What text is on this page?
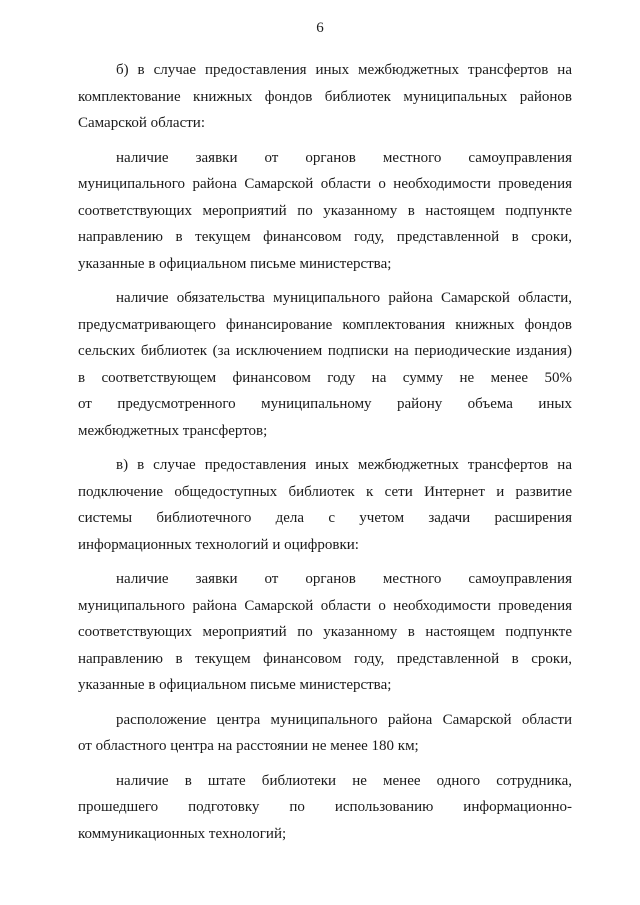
6
б) в случае предоставления иных межбюджетных трансфертов на
комплектование книжных фондов библиотек муниципальных районов
Самарской области:
наличие заявки от органов местного самоуправления
муниципального района Самарской области о необходимости проведения
соответствующих мероприятий по указанному в настоящем подпункте
направлению в текущем финансовом году, представленной в сроки,
указанные в официальном письме министерства;
наличие обязательства муниципального района Самарской области,
предусматривающего финансирование комплектования книжных фондов
сельских библиотек (за исключением подписки на периодические издания)
в соответствующем финансовом году на сумму не менее 50%
от предусмотренного муниципальному району объема иных
межбюджетных трансфертов;
в) в случае предоставления иных межбюджетных трансфертов на
подключение общедоступных библиотек к сети Интернет и развитие
системы библиотечного дела с учетом задачи расширения
информационных технологий и оцифровки:
наличие заявки от органов местного самоуправления
муниципального района Самарской области о необходимости проведения
соответствующих мероприятий по указанному в настоящем подпункте
направлению в текущем финансовом году, представленной в сроки,
указанные в официальном письме министерства;
расположение центра муниципального района Самарской области
от областного центра на расстоянии не менее 180 км;
наличие в штате библиотеки не менее одного сотрудника,
прошедшего подготовку по использованию информационно-
коммуникационных технологий;
